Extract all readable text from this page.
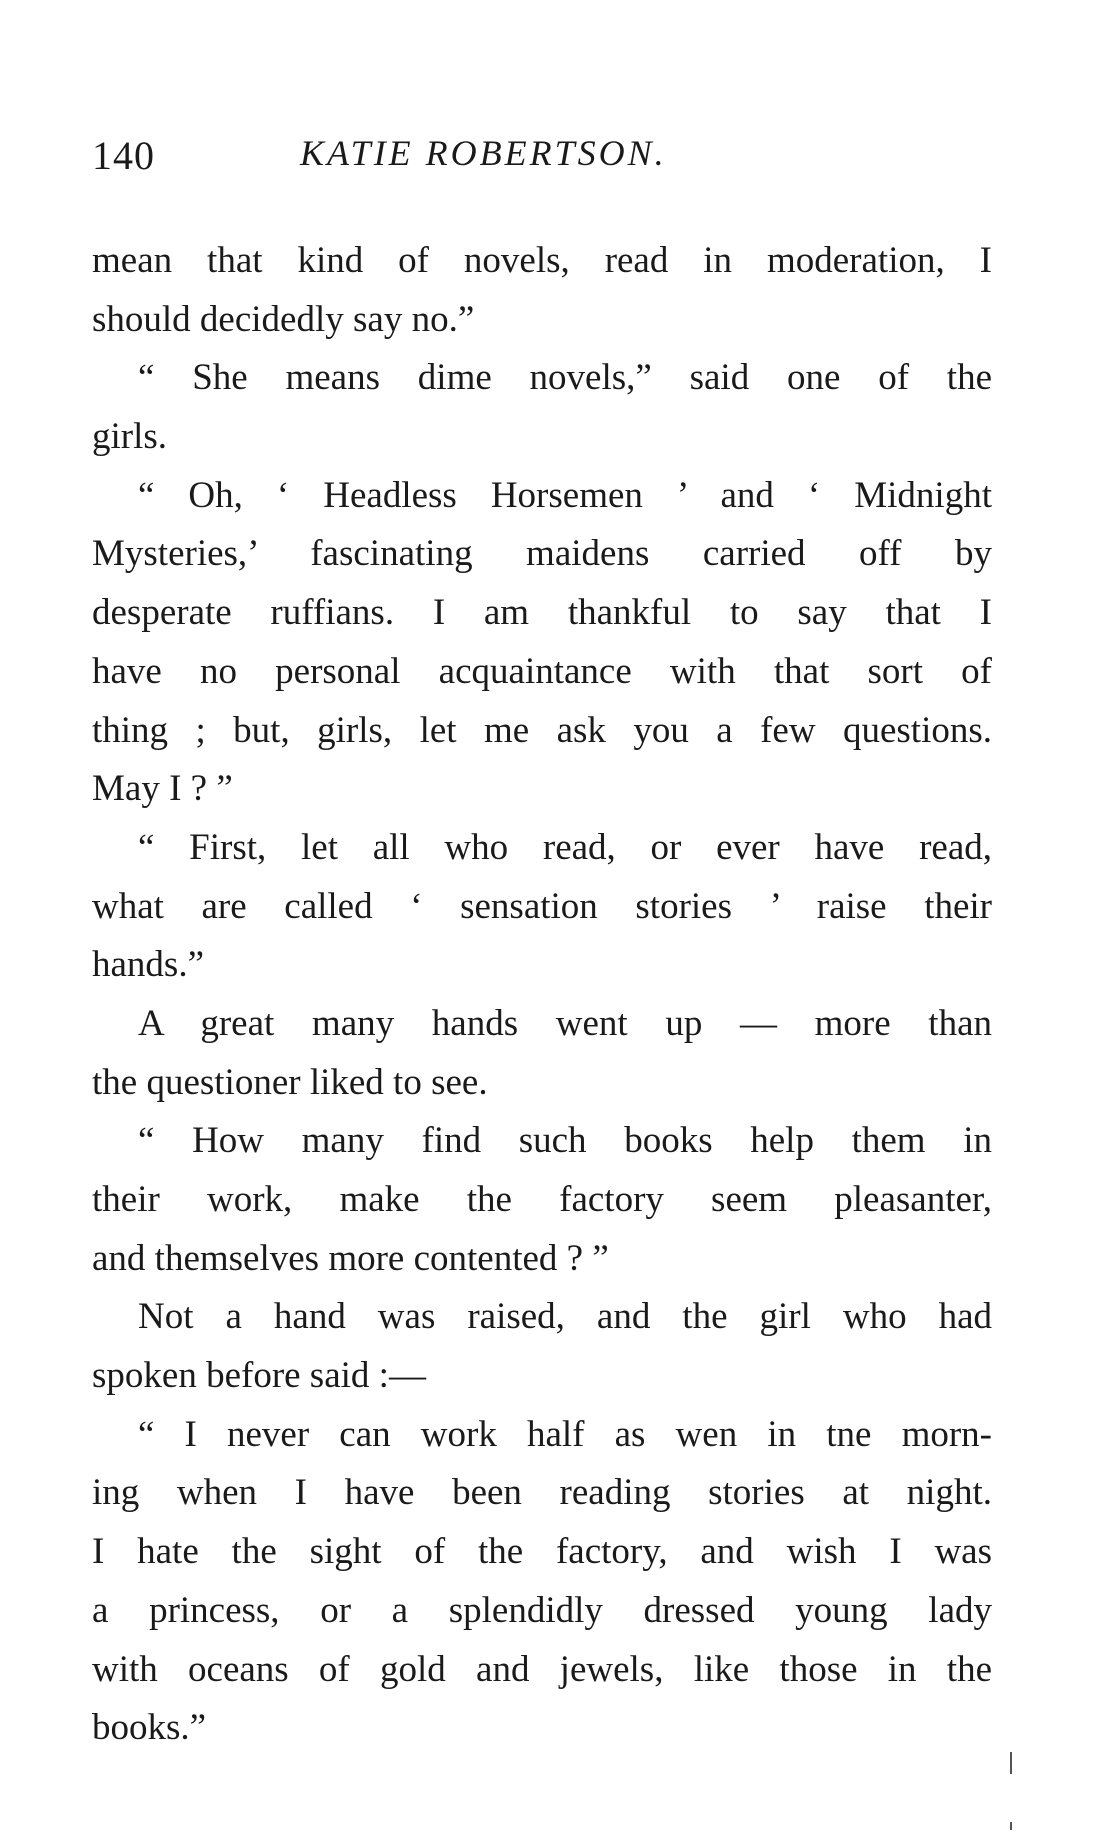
140	KATIE ROBERTSON.
mean that kind of novels, read in moderation, I
should decidedly say no.”
“ She means dime novels,” said one of the
girls.
“ Oh, ‘ Headless Horsemen ’ and ‘ Midnight
Mysteries,’ fascinating maidens carried off by
desperate ruffians. I am thankful to say that I
have no personal acquaintance with that sort of
thing ; but, girls, let me ask you a few questions.
May I ? ”
“ First, let all who read, or ever have read,
what are called ‘ sensation stories ’ raise their
hands.”
A great many hands went up — more than
the questioner liked to see.
“ How many find such books help them in
their work, make the factory seem pleasanter,
and themselves more contented ? ”
Not a hand was raised, and the girl who had
spoken before said :—
“ I never can work half as wen in tne morn-
ing when I have been reading stories at night.
I hate the sight of the factory, and wish I was
a princess, or a splendidly dressed young lady
with oceans of gold and jewels, like those in the
books.”
